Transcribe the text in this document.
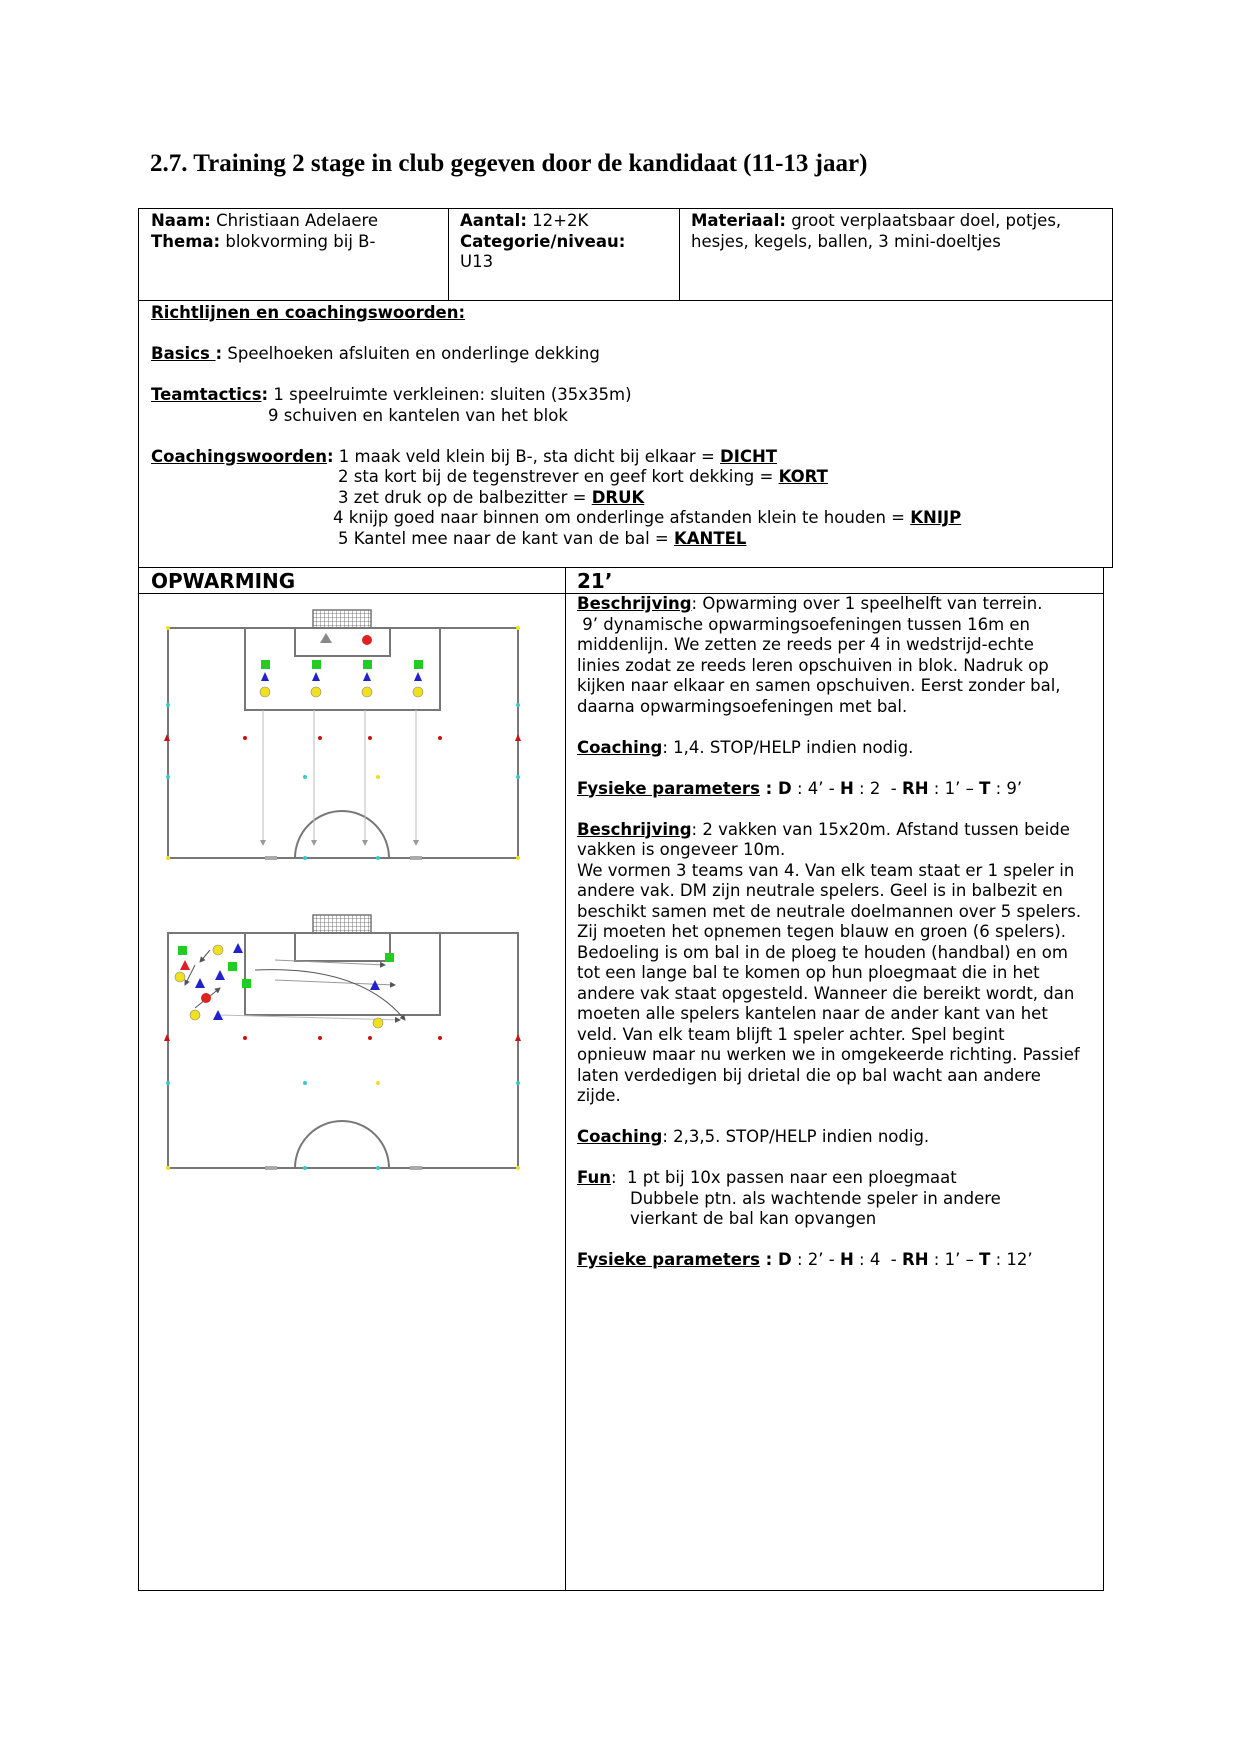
2.7. Training 2 stage in club gegeven door de kandidaat (11-13 jaar)
Naam: Christiaan Adelaere
Thema: blokvorming bij B-
Aantal: 12+2K
Categorie/niveau:
U13
Materiaal: groot verplaatsbaar doel, potjes, hesjes, kegels, ballen, 3 mini-doeltjes
Richtlijnen en coachingswoorden:
Basics : Speelhoeken afsluiten en onderlinge dekking
Teamtactics: 1 speelruimte verkleinen: sluiten (35x35m)
9 schuiven en kantelen van het blok
Coachingswoorden: 1 maak veld klein bij B-, sta dicht bij elkaar = DICHT
2 sta kort bij de tegenstrever en geef kort dekking = KORT
3 zet druk op de balbezitter = DRUK
4 knijp goed naar binnen om onderlinge afstanden klein te houden = KNIJP
5 Kantel mee naar de kant van de bal = KANTEL
OPWARMING	21’
Beschrijving: Opwarming over 1 speelhelft van terrein.
9’ dynamische opwarmingsoefeningen tussen 16m en
middenlijn. We zetten ze reeds per 4 in wedstrijd-echte
linies zodat ze reeds leren opschuiven in blok. Nadruk op
kijken naar elkaar en samen opschuiven. Eerst zonder bal,
daarna opwarmingsoefeningen met bal.
Coaching: 1,4. STOP/HELP indien nodig.
Fysieke parameters : D : 4’ - H : 2  - RH : 1’ – T : 9’
Beschrijving: 2 vakken van 15x20m. Afstand tussen beide
vakken is ongeveer 10m.
We vormen 3 teams van 4. Van elk team staat er 1 speler in
andere vak. DM zijn neutrale spelers. Geel is in balbezit en
beschikt samen met de neutrale doelmannen over 5 spelers.
Zij moeten het opnemen tegen blauw en groen (6 spelers).
Bedoeling is om bal in de ploeg te houden (handbal) en om
tot een lange bal te komen op hun ploegmaat die in het
andere vak staat opgesteld. Wanneer die bereikt wordt, dan
moeten alle spelers kantelen naar de ander kant van het
veld. Van elk team blijft 1 speler achter. Spel begint
opnieuw maar nu werken we in omgekeerde richting. Passief
laten verdedigen bij drietal die op bal wacht aan andere
zijde.
Coaching: 2,3,5. STOP/HELP indien nodig.
Fun:  1 pt bij 10x passen naar een ploegmaat
Dubbele ptn. als wachtende speler in andere
vierkant de bal kan opvangen
Fysieke parameters : D : 2’ - H : 4  - RH : 1’ – T : 12’
